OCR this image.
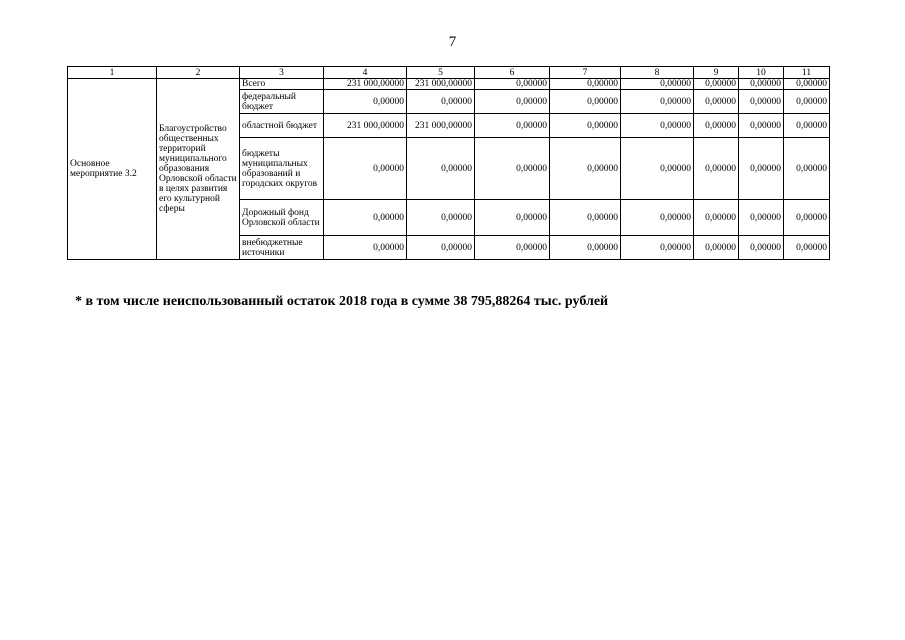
7
1	2	3	4	5	6	7	8	9	10	11
Основное мероприятие 3.2	Благоустройство общественных территорий муниципального образования Орловской области в целях развития его культурной сферы	Всего	231 000,00000	231 000,00000	0,00000	0,00000	0,00000	0,00000	0,00000	0,00000
		федеральный бюджет	0,00000	0,00000	0,00000	0,00000	0,00000	0,00000	0,00000	0,00000
		областной бюджет	231 000,00000	231 000,00000	0,00000	0,00000	0,00000	0,00000	0,00000	0,00000
		бюджеты муниципальных образований и городских округов	0,00000	0,00000	0,00000	0,00000	0,00000	0,00000	0,00000	0,00000
		Дорожный фонд Орловской области	0,00000	0,00000	0,00000	0,00000	0,00000	0,00000	0,00000	0,00000
		внебюджетные источники	0,00000	0,00000	0,00000	0,00000	0,00000	0,00000	0,00000	0,00000
* в том числе неиспользованный остаток 2018 года в сумме 38 795,88264 тыс. рублей
